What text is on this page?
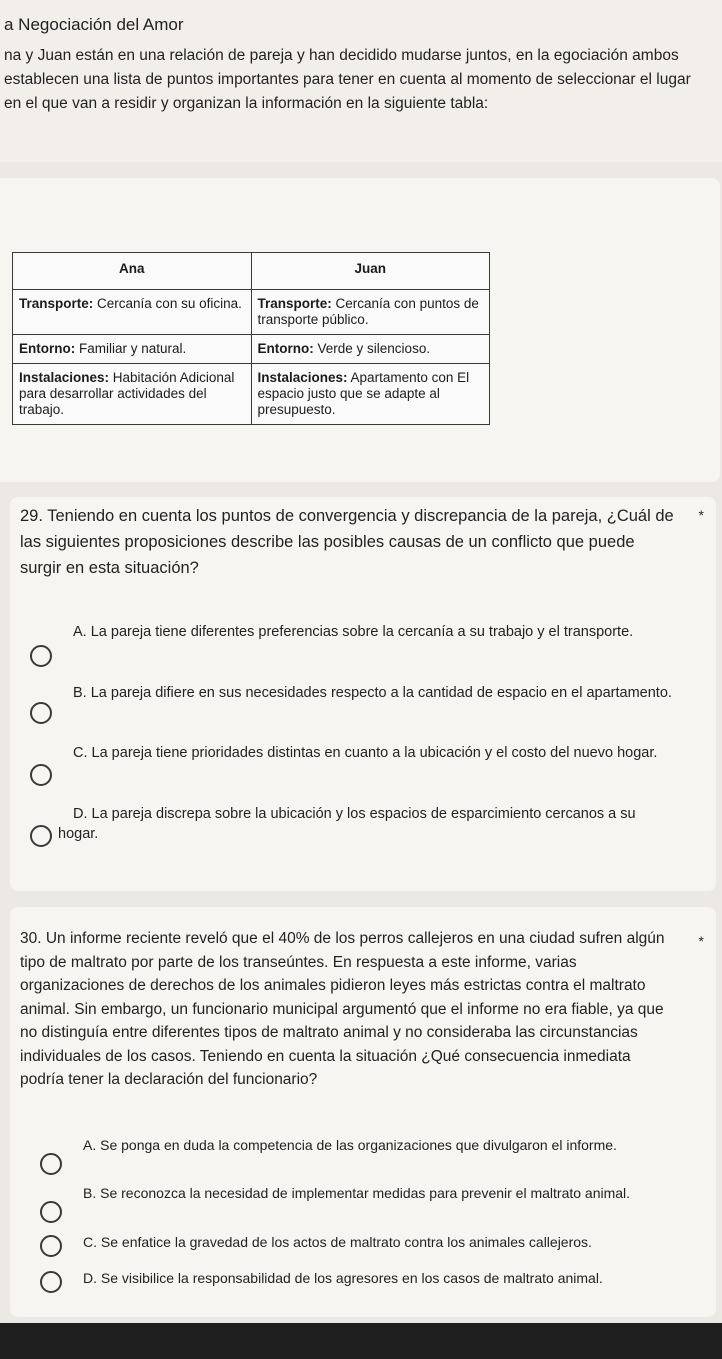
a Negociación del Amor

na y Juan están en una relación de pareja y han decidido mudarse juntos, en la egociación ambos establecen una lista de puntos importantes para tener en cuenta al momento de seleccionar el lugar en el que van a residir y organizan la información en la siguiente tabla:

Ana	Juan
Transporte: Cercanía con su oficina.	Transporte: Cercanía con puntos de transporte público.
Entorno: Familiar y natural.	Entorno: Verde y silencioso.
Instalaciones: Habitación Adicional para desarrollar actividades del trabajo.	Instalaciones: Apartamento con El espacio justo que se adapte al presupuesto.

29. Teniendo en cuenta los puntos de convergencia y discrepancia de la pareja, ¿Cuál de las siguientes proposiciones describe las posibles causas de un conflicto que puede surgir en esta situación?

*

A. La pareja tiene diferentes preferencias sobre la cercanía a su trabajo y el transporte.

B. La pareja difiere en sus necesidades respecto a la cantidad de espacio en el apartamento.

C. La pareja tiene prioridades distintas en cuanto a la ubicación y el costo del nuevo hogar.

D. La pareja discrepa sobre la ubicación y los espacios de esparcimiento cercanos a su hogar.

30. Un informe reciente reveló que el 40% de los perros callejeros en una ciudad sufren algún tipo de maltrato por parte de los transeúntes. En respuesta a este informe, varias organizaciones de derechos de los animales pidieron leyes más estrictas contra el maltrato animal. Sin embargo, un funcionario municipal argumentó que el informe no era fiable, ya que no distinguía entre diferentes tipos de maltrato animal y no consideraba las circunstancias individuales de los casos. Teniendo en cuenta la situación ¿Qué consecuencia inmediata podría tener la declaración del funcionario?

*

A. Se ponga en duda la competencia de las organizaciones que divulgaron el informe.

B. Se reconozca la necesidad de implementar medidas para prevenir el maltrato animal.

C. Se enfatice la gravedad de los actos de maltrato contra los animales callejeros.

D. Se visibilice la responsabilidad de los agresores en los casos de maltrato animal.
